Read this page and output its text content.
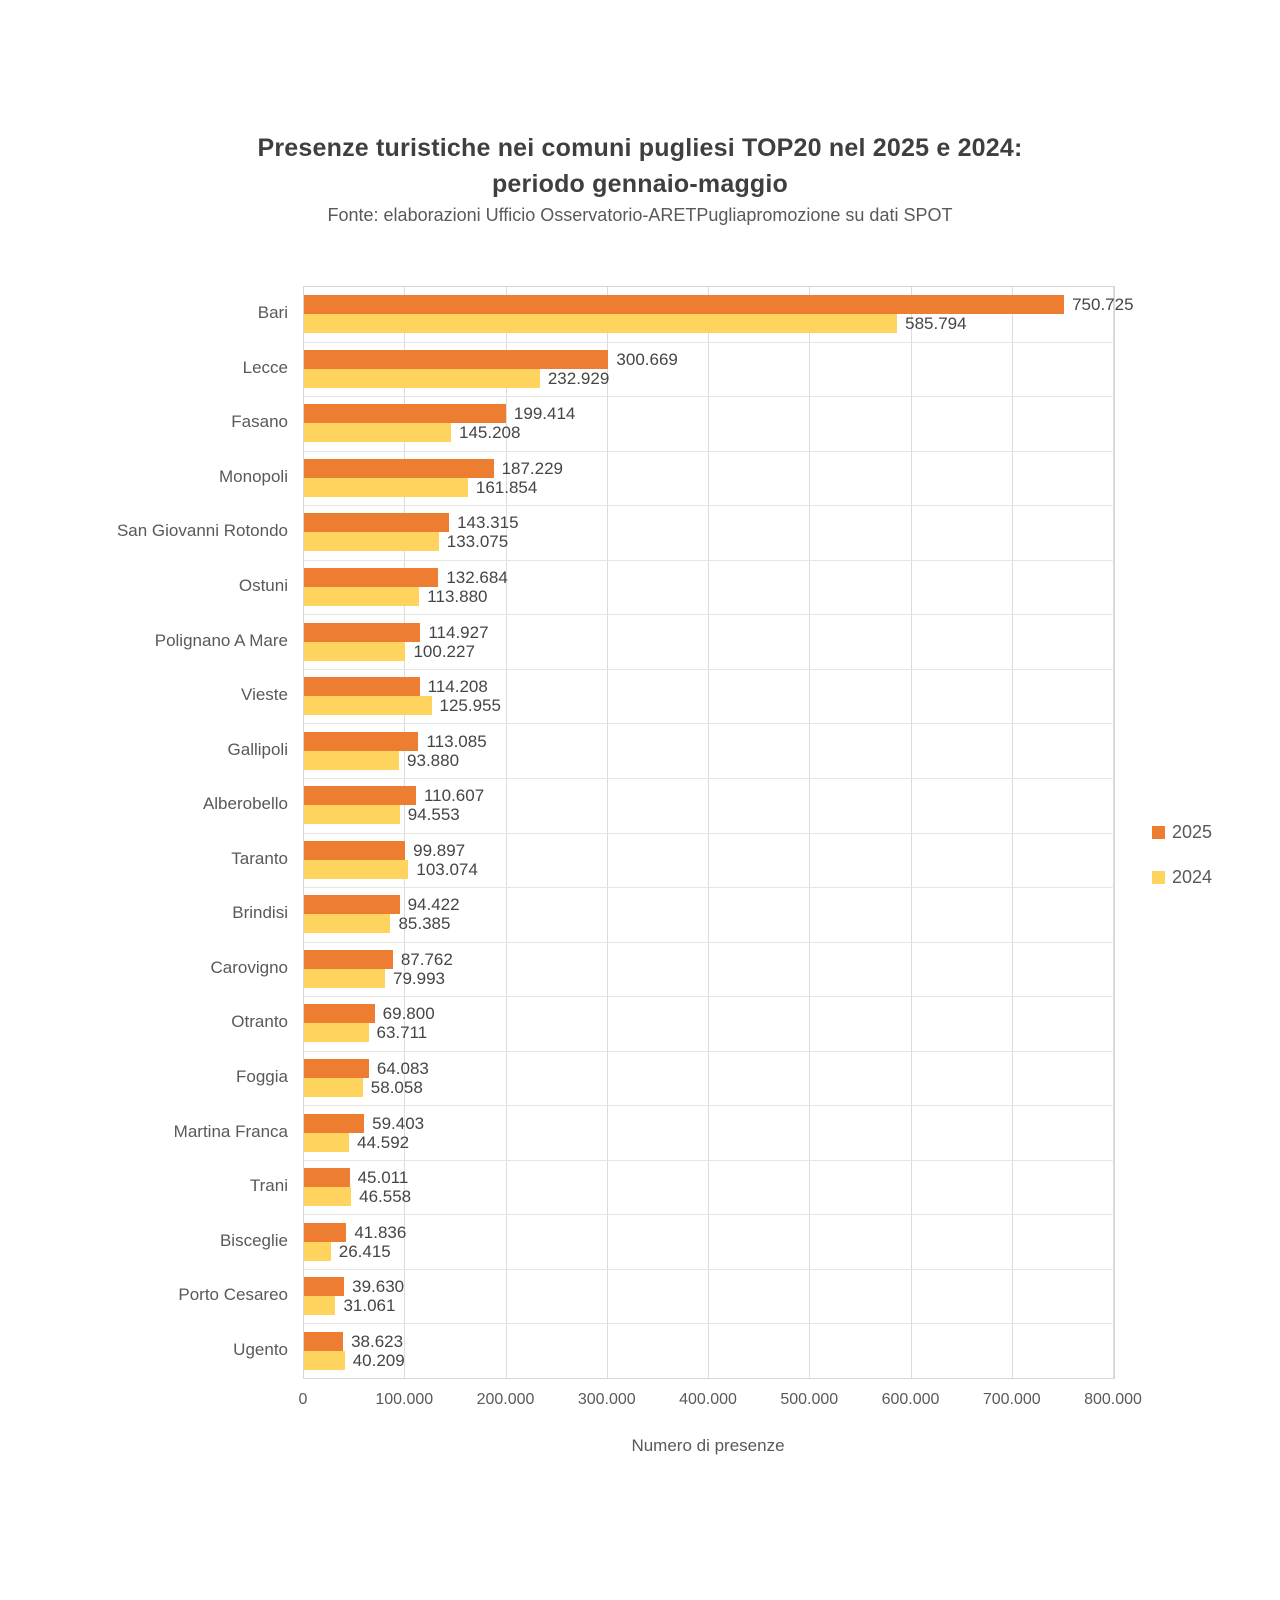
Presenze turistiche nei comuni pugliesi TOP20 nel 2025 e 2024:
periodo gennaio-maggio
Fonte: elaborazioni Ufficio Osservatorio-ARETPugliapromozione su dati SPOT
Bari
Lecce
Fasano
Monopoli
San Giovanni Rotondo
Ostuni
Polignano A Mare
Vieste
Gallipoli
Alberobello
Taranto
Brindisi
Carovigno
Otranto
Foggia
Martina Franca
Trani
Bisceglie
Porto Cesareo
Ugento
750.725
585.794
300.669
232.929
199.414
145.208
187.229
161.854
143.315
133.075
132.684
113.880
114.927
100.227
114.208
125.955
113.085
93.880
110.607
94.553
99.897
103.074
94.422
85.385
87.762
79.993
69.800
63.711
64.083
58.058
59.403
44.592
45.011
46.558
41.836
26.415
39.630
31.061
38.623
40.209
0	100.000	200.000	300.000	400.000	500.000	600.000	700.000	800.000
Numero di presenze
2025
2024
